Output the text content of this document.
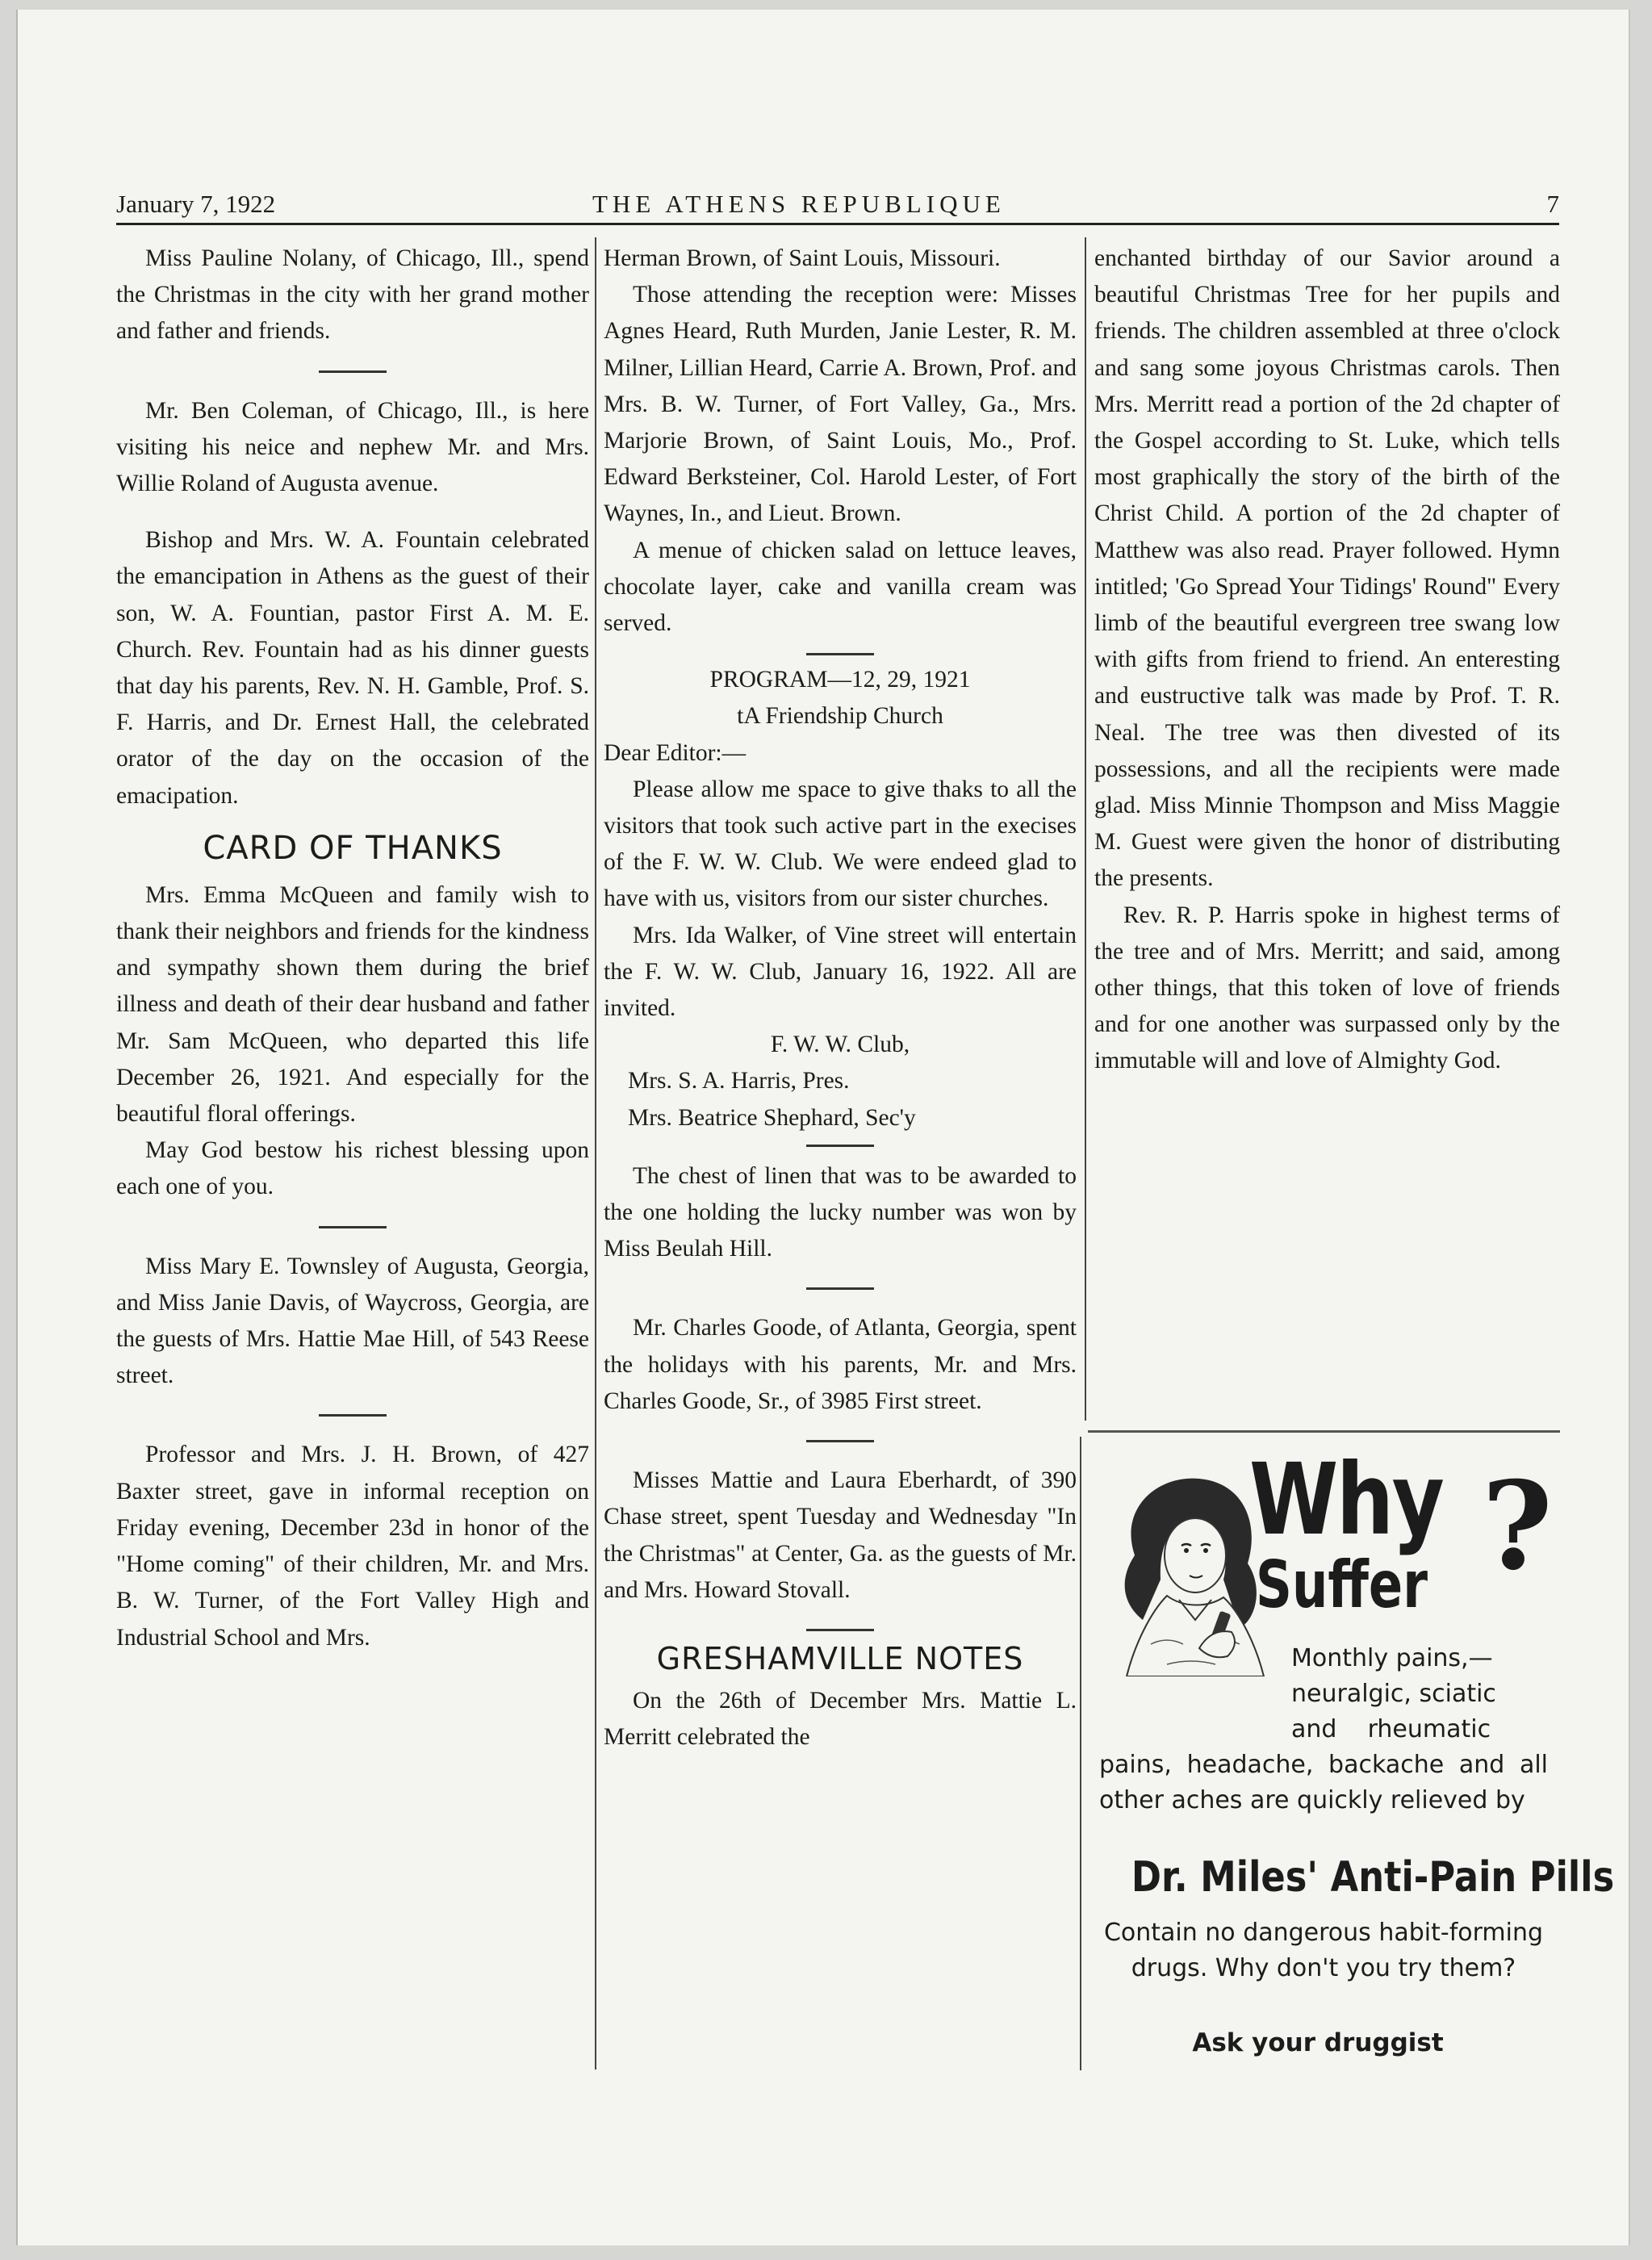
January 7, 1922	THE ATHENS REPUBLIQUE	7

Miss Pauline Nolany, of Chicago, Ill., spend the Christmas in the city with her grand mother and father and friends.

Mr. Ben Coleman, of Chicago, Ill., is here visiting his neice and nephew Mr. and Mrs. Willie Roland of Augusta avenue.

Bishop and Mrs. W. A. Fountain celebrated the emancipation in Athens as the guest of their son, W. A. Fountian, pastor First A. M. E. Church. Rev. Fountain had as his dinner guests that day his parents, Rev. N. H. Gamble, Prof. S. F. Harris, and Dr. Ernest Hall, the celebrated orator of the day on the occasion of the emacipation.

CARD OF THANKS

Mrs. Emma McQueen and family wish to thank their neighbors and friends for the kindness and sympathy shown them during the brief illness and death of their dear husband and father Mr. Sam McQueen, who departed this life December 26, 1921. And especially for the beautiful floral offerings.

May God bestow his richest blessing upon each one of you.

Miss Mary E. Townsley of Augusta, Georgia, and Miss Janie Davis, of Waycross, Georgia, are the guests of Mrs. Hattie Mae Hill, of 543 Reese street.

Professor and Mrs. J. H. Brown, of 427 Baxter street, gave in informal reception on Friday evening, December 23d in honor of the "Home coming" of their children, Mr. and Mrs. B. W. Turner, of the Fort Valley High and Industrial School and Mrs.

Herman Brown, of Saint Louis, Missouri.

Those attending the reception were: Misses Agnes Heard, Ruth Murden, Janie Lester, R. M. Milner, Lillian Heard, Carrie A. Brown, Prof. and Mrs. B. W. Turner, of Fort Valley, Ga., Mrs. Marjorie Brown, of Saint Louis, Mo., Prof. Edward Berksteiner, Col. Harold Lester, of Fort Waynes, In., and Lieut. Brown.

A menue of chicken salad on lettuce leaves, chocolate layer, cake and vanilla cream was served.

PROGRAM—12, 29, 1921
tA Friendship Church
Dear Editor:—

Please allow me space to give thaks to all the visitors that took such active part in the execises of the F. W. W. Club. We were endeed glad to have with us, visitors from our sister churches.

Mrs. Ida Walker, of Vine street will entertain the F. W. W. Club, January 16, 1922. All are invited.

F. W. W. Club,
Mrs. S. A. Harris, Pres.
Mrs. Beatrice Shephard, Sec'y

The chest of linen that was to be awarded to the one holding the lucky number was won by Miss Beulah Hill.

Mr. Charles Goode, of Atlanta, Georgia, spent the holidays with his parents, Mr. and Mrs. Charles Goode, Sr., of 3985 First street.

Misses Mattie and Laura Eberhardt, of 390 Chase street, spent Tuesday and Wednesday "In the Christmas" at Center, Ga. as the guests of Mr. and Mrs. Howard Stovall.

GRESHAMVILLE NOTES

On the 26th of December Mrs. Mattie L. Merritt celebrated the

enchanted birthday of our Savior around a beautiful Christmas Tree for her pupils and friends. The children assembled at three o'clock and sang some joyous Christmas carols. Then Mrs. Merritt read a portion of the 2d chapter of the Gospel according to St. Luke, which tells most graphically the story of the birth of the Christ Child. A portion of the 2d chapter of Matthew was also read. Prayer followed. Hymn intitled; 'Go Spread Your Tidings' Round" Every limb of the beautiful evergreen tree swang low with gifts from friend to friend. An enteresting and eustructive talk was made by Prof. T. R. Neal. The tree was then divested of its possessions, and all the recipients were made glad. Miss Minnie Thompson and Miss Maggie M. Guest were given the honor of distributing the presents.

Rev. R. P. Harris spoke in highest terms of the tree and of Mrs. Merritt; and said, among other things, that this token of love of friends and for one another was surpassed only by the immutable will and love of Almighty God.

Why ?
Suffer
Monthly pains,—
neuralgic, sciatic
and    rheumatic
pains, headache, backache and all other aches are quickly relieved by
Dr. Miles' Anti-Pain Pills
Contain no dangerous habit-forming drugs. Why don't you try them?
Ask your druggist
